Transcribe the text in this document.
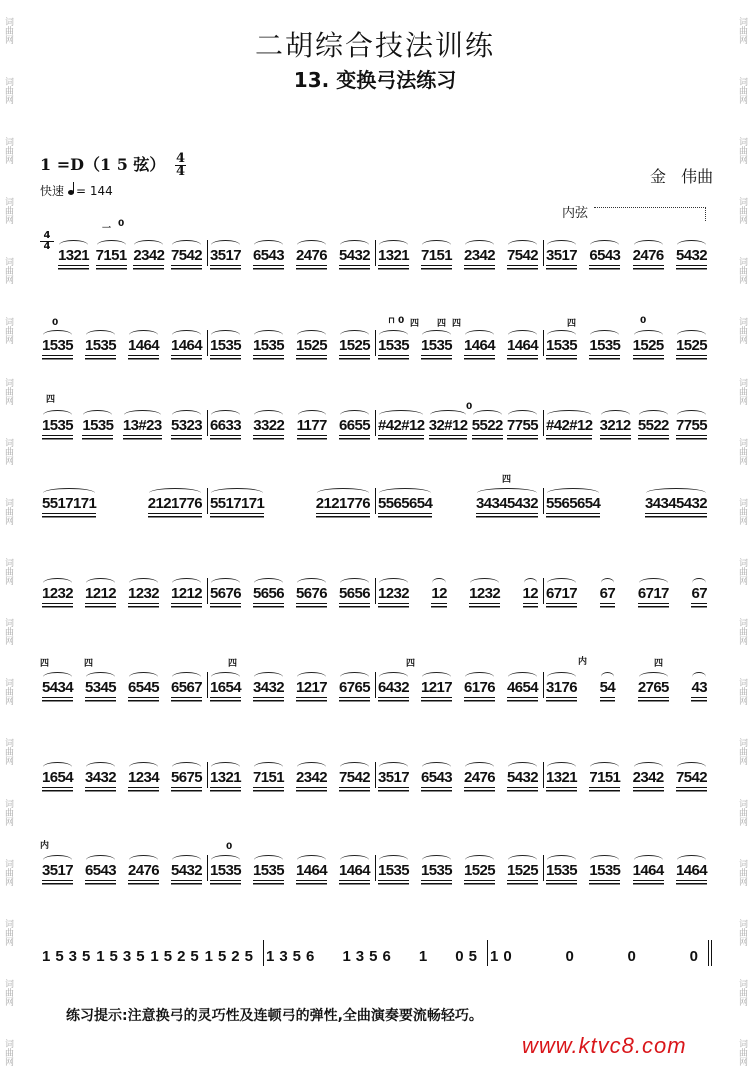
词曲网
词曲网
词曲网
词曲网
词曲网
词曲网
词曲网
词曲网
词曲网
词曲网
词曲网
词曲网
词曲网
词曲网
词曲网
词曲网
词曲网
词曲网
词曲网
词曲网
词曲网
词曲网
词曲网
词曲网
词曲网
词曲网
词曲网
词曲网
词曲网
词曲网
词曲网
词曲网
词曲网
词曲网
词曲网
词曲网
二胡综合技法训练
13. 变换弓法练习
1 =D（1 5 弦） $\frac{4}{4}$	金 伟曲
快速 = 144
内弦
1321 7151 2342 7542 3517 6543 2476 5432 1321 7151 2342 7542 3517 6543 2476 5432
$\frac{4}{4}$
1535 1535 1464 1464 1535 1535 1525 1525 1535 1535 1464 1464 1535 1535 1525 1525
1535 1535 13#23 5323 6633 3322 1177 6655 #42#12 32#12 5522 7755 #42#12 3212 5522 7755
5517171	2121776 5517171	2121776 5565654	34345432 5565654	34345432
1232 1212 1232 1212 5676 5656 5676 5656 1232 12 1232 12 6717 67 6717 67
5434 5345 6545 6567 1654 3432 1217 6765 6432 1217 6176 4654 3176 54 2765 43
1654 3432 1234 5675 1321 7151 2342 7542 3517 6543 2476 5432 1321 7151 2342 7542
3517 6543 2476 5432 1535 1535 1464 1464 1535 1535 1525 1525 1535 1535 1464 1464
1535 1535 1525 1525 1356 1356 1 05 10	0	0	0
练习提示:注意换弓的灵巧性及连顿弓的弹性,全曲演奏要流畅轻巧。
www.ktvc8.com
一 0
0	⊓ 0 四 四 四	四	0
四
0
四
四	四	四	四	内	四
内	0
